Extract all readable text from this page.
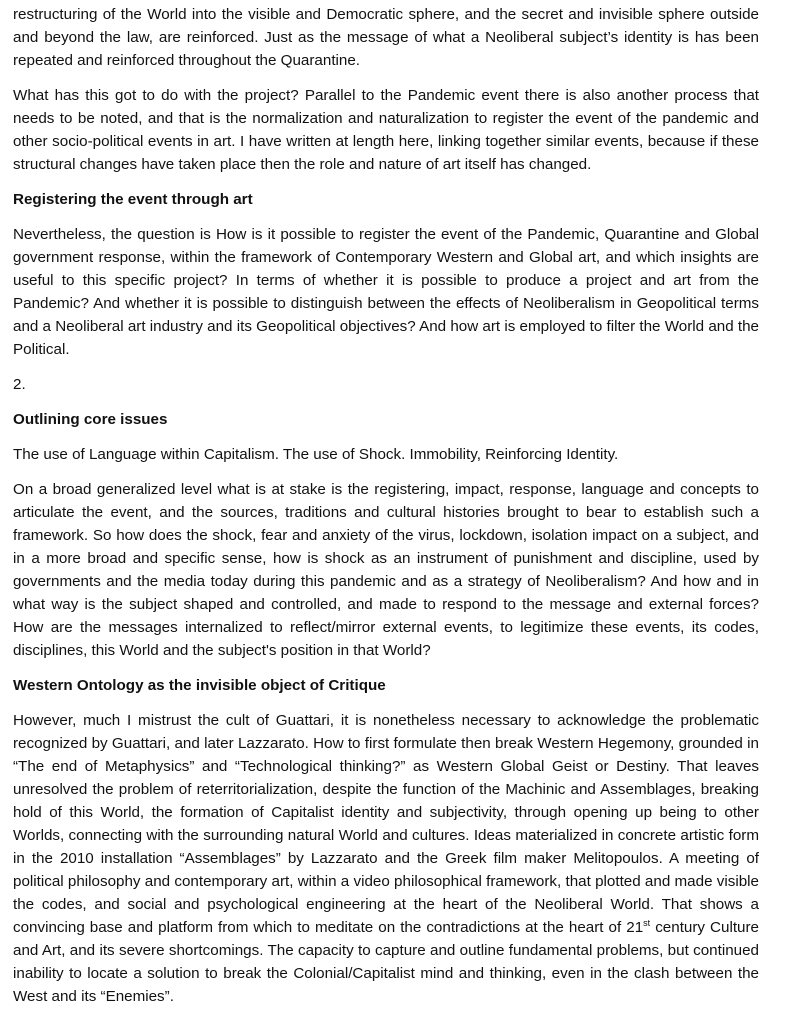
restructuring of the World into the visible and Democratic sphere, and the secret and invisible sphere outside and beyond the law, are reinforced. Just as the message of what a Neoliberal subject’s identity is has been repeated and reinforced throughout the Quarantine.

What has this got to do with the project? Parallel to the Pandemic event there is also another process that needs to be noted, and that is the normalization and naturalization to register the event of the pandemic and other socio-political events in art. I have written at length here, linking together similar events, because if these structural changes have taken place then the role and nature of art itself has changed.

Registering the event through art

Nevertheless, the question is How is it possible to register the event of the Pandemic, Quarantine and Global government response, within the framework of Contemporary Western and Global art, and which insights are useful to this specific project? In terms of whether it is possible to produce a project and art from the Pandemic? And whether it is possible to distinguish between the effects of Neoliberalism in Geopolitical terms and a Neoliberal art industry and its Geopolitical objectives? And how art is employed to filter the World and the Political.

2.

Outlining core issues

The use of Language within Capitalism. The use of Shock. Immobility, Reinforcing Identity.

On a broad generalized level what is at stake is the registering, impact, response, language and concepts to articulate the event, and the sources, traditions and cultural histories brought to bear to establish such a framework. So how does the shock, fear and anxiety of the virus, lockdown, isolation impact on a subject, and in a more broad and specific sense, how is shock as an instrument of punishment and discipline, used by governments and the media today during this pandemic and as a strategy of Neoliberalism? And how and in what way is the subject shaped and controlled, and made to respond to the message and external forces? How are the messages internalized to reflect/mirror external events, to legitimize these events, its codes, disciplines, this World and the subject's position in that World?

Western Ontology as the invisible object of Critique

However, much I mistrust the cult of Guattari, it is nonetheless necessary to acknowledge the problematic recognized by Guattari, and later Lazzarato. How to first formulate then break Western Hegemony, grounded in “The end of Metaphysics” and “Technological thinking?” as Western Global Geist or Destiny. That leaves unresolved the problem of reterritorialization, despite the function of the Machinic and Assemblages, breaking hold of this World, the formation of Capitalist identity and subjectivity, through opening up being to other Worlds, connecting with the surrounding natural World and cultures. Ideas materialized in concrete artistic form in the 2010 installation “Assemblages” by Lazzarato and the Greek film maker Melitopoulos. A meeting of political philosophy and contemporary art, within a video philosophical framework, that plotted and made visible the codes, and social and psychological engineering at the heart of the Neoliberal World. That shows a convincing base and platform from which to meditate on the contradictions at the heart of 21st century Culture and Art, and its severe shortcomings. The capacity to capture and outline fundamental problems, but continued inability to locate a solution to break the Colonial/Capitalist mind and thinking, even in the clash between the West and its “Enemies”.
